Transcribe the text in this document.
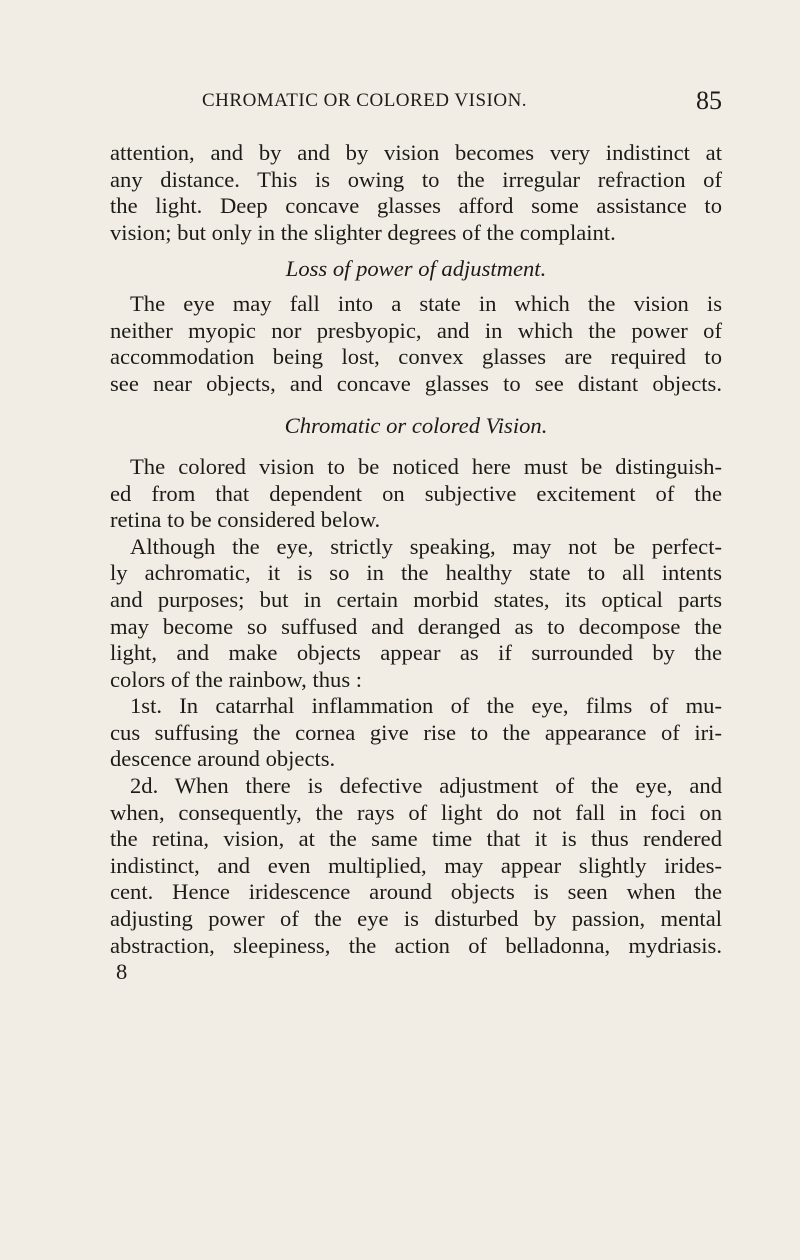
CHROMATIC OR COLORED VISION.	85
attention, and by and by vision becomes very indistinct at
any distance. This is owing to the irregular refraction of
the light. Deep concave glasses afford some assistance to
vision; but only in the slighter degrees of the complaint.
Loss of power of adjustment.
The eye may fall into a state in which the vision is
neither myopic nor presbyopic, and in which the power of
accommodation being lost, convex glasses are required to
see near objects, and concave glasses to see distant objects.
Chromatic or colored Vision.
The colored vision to be noticed here must be distinguish-
ed from that dependent on subjective excitement of the
retina to be considered below.
Although the eye, strictly speaking, may not be perfect-
ly achromatic, it is so in the healthy state to all intents
and purposes; but in certain morbid states, its optical parts
may become so suffused and deranged as to decompose the
light, and make objects appear as if surrounded by the
colors of the rainbow, thus :
1st. In catarrhal inflammation of the eye, films of mu-
cus suffusing the cornea give rise to the appearance of iri-
descence around objects.
2d. When there is defective adjustment of the eye, and
when, consequently, the rays of light do not fall in foci on
the retina, vision, at the same time that it is thus rendered
indistinct, and even multiplied, may appear slightly irides-
cent. Hence iridescence around objects is seen when the
adjusting power of the eye is disturbed by passion, mental
abstraction, sleepiness, the action of belladonna, mydriasis.
8
